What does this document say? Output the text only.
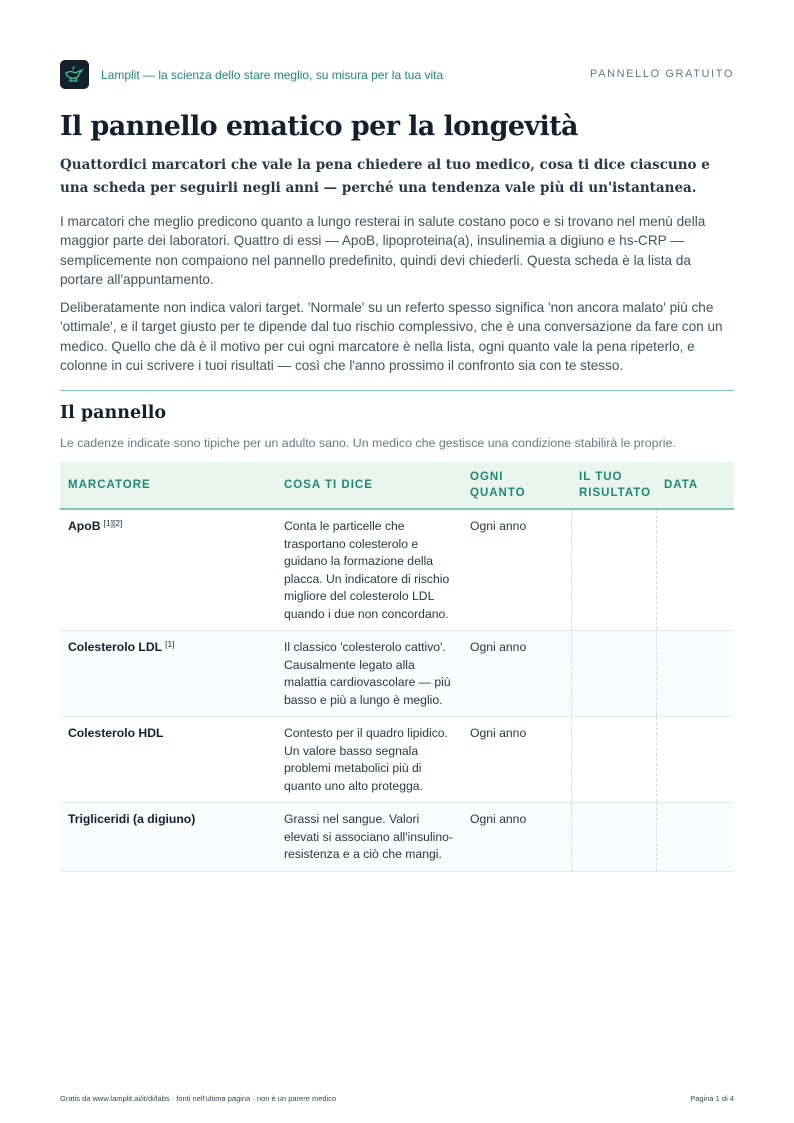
Lamplit — la scienza dello stare meglio, su misura per la tua vita	PANNELLO GRATUITO
Il pannello ematico per la longevità

Quattordici marcatori che vale la pena chiedere al tuo medico, cosa ti dice ciascuno e una scheda per seguirli negli anni — perché una tendenza vale più di un'istantanea.

I marcatori che meglio predicono quanto a lungo resterai in salute costano poco e si trovano nel menù della maggior parte dei laboratori. Quattro di essi — ApoB, lipoproteina(a), insulinemia a digiuno e hs-CRP — semplicemente non compaiono nel pannello predefinito, quindi devi chiederli. Questa scheda è la lista da portare all'appuntamento.

Deliberatamente non indica valori target. 'Normale' su un referto spesso significa 'non ancora malato' più che 'ottimale', e il target giusto per te dipende dal tuo rischio complessivo, che è una conversazione da fare con un medico. Quello che dà è il motivo per cui ogni marcatore è nella lista, ogni quanto vale la pena ripeterlo, e colonne in cui scrivere i tuoi risultati — così che l'anno prossimo il confronto sia con te stesso.

Il pannello

Le cadenze indicate sono tipiche per un adulto sano. Un medico che gestisce una condizione stabilirà le proprie.

MARCATORE	COSA TI DICE	OGNI QUANTO	IL TUO RISULTATO	DATA
ApoB [1][2]	Conta le particelle che trasportano colesterolo e guidano la formazione della placca. Un indicatore di rischio migliore del colesterolo LDL quando i due non concordano.	Ogni anno		
Colesterolo LDL [1]	Il classico 'colesterolo cattivo'. Causalmente legato alla malattia cardiovascolare — più basso e più a lungo è meglio.	Ogni anno		
Colesterolo HDL	Contesto per il quadro lipidico. Un valore basso segnala problemi metabolici più di quanto uno alto protegga.	Ogni anno		
Trigliceridi (a digiuno)	Grassi nel sangue. Valori elevati si associano all'insulino-resistenza e a ciò che mangi.	Ogni anno		
Gratis da www.lamplit.ai/it/di/labs · fonti nell'ultima pagina · non è un parere medico	Pagina 1 di 4
